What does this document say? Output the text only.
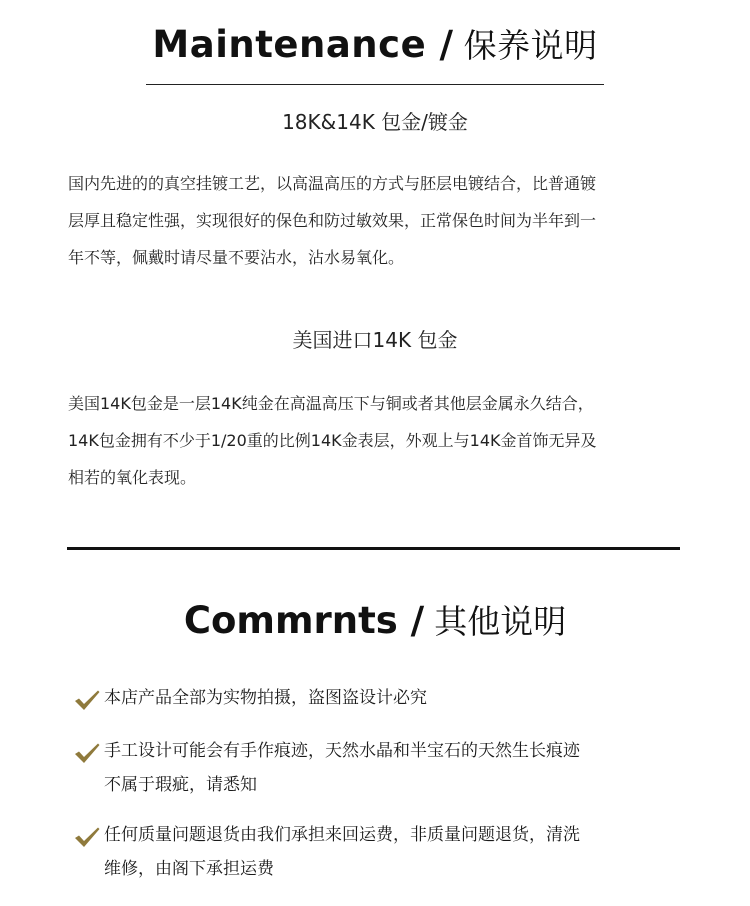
Maintenance / 保养说明
18K&14K 包金/镀金
国内先进的的真空挂镀工艺，以高温高压的方式与胚层电镀结合，比普通镀
层厚且稳定性强，实现很好的保色和防过敏效果，正常保色时间为半年到一
年不等，佩戴时请尽量不要沾水，沾水易氧化。
美国进口14K 包金
美国14K包金是一层14K纯金在高温高压下与铜或者其他层金属永久结合，
14K包金拥有不少于1/20重的比例14K金表层，外观上与14K金首饰无异及
相若的氧化表现。
Commrnts / 其他说明
本店产品全部为实物拍摄，盗图盗设计必究
手工设计可能会有手作痕迹，天然水晶和半宝石的天然生长痕迹
不属于瑕疵，请悉知
任何质量问题退货由我们承担来回运费，非质量问题退货，清洗
维修，由阁下承担运费
